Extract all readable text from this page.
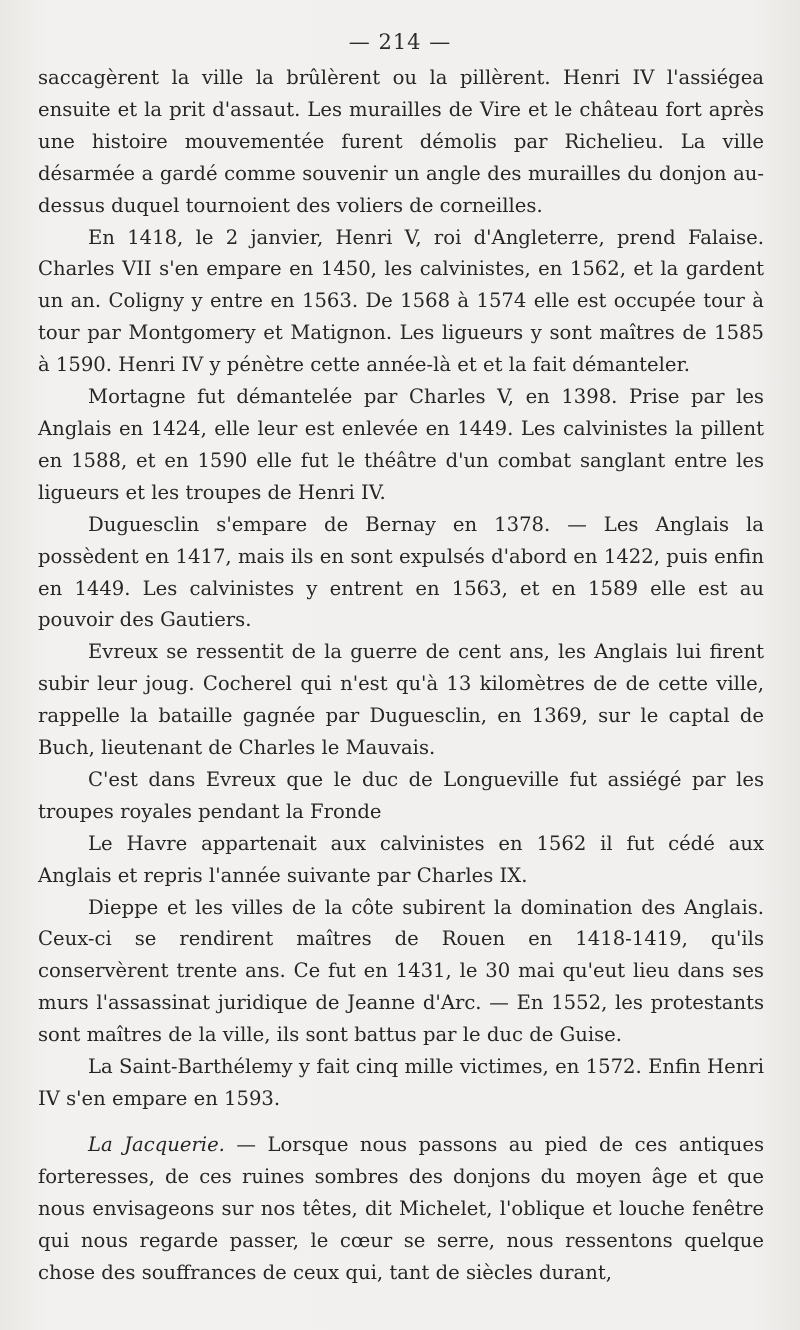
— 214 —

saccagèrent la ville la brûlèrent ou la pillèrent. Henri IV l'assiégea ensuite et la prit d'assaut. Les murailles de Vire et le château fort après une histoire mouvementée furent démolis par Richelieu. La ville désarmée a gardé comme souvenir un angle des murailles du donjon au-dessus duquel tournoient des voliers de corneilles.

En 1418, le 2 janvier, Henri V, roi d'Angleterre, prend Falaise. Charles VII s'en empare en 1450, les calvinistes, en 1562, et la gardent un an. Coligny y entre en 1563. De 1568 à 1574 elle est occupée tour à tour par Montgomery et Matignon. Les ligueurs y sont maîtres de 1585 à 1590. Henri IV y pénètre cette année-là et et la fait démanteler.

Mortagne fut démantelée par Charles V, en 1398. Prise par les Anglais en 1424, elle leur est enlevée en 1449. Les calvinistes la pillent en 1588, et en 1590 elle fut le théâtre d'un combat sanglant entre les ligueurs et les troupes de Henri IV.

Duguesclin s'empare de Bernay en 1378. — Les Anglais la possèdent en 1417, mais ils en sont expulsés d'abord en 1422, puis enfin en 1449. Les calvinistes y entrent en 1563, et en 1589 elle est au pouvoir des Gautiers.

Evreux se ressentit de la guerre de cent ans, les Anglais lui firent subir leur joug. Cocherel qui n'est qu'à 13 kilomètres de de cette ville, rappelle la bataille gagnée par Duguesclin, en 1369, sur le captal de Buch, lieutenant de Charles le Mauvais.

C'est dans Evreux que le duc de Longueville fut assiégé par les troupes royales pendant la Fronde

Le Havre appartenait aux calvinistes en 1562 il fut cédé aux Anglais et repris l'année suivante par Charles IX.

Dieppe et les villes de la côte subirent la domination des Anglais. Ceux-ci se rendirent maîtres de Rouen en 1418-1419, qu'ils conservèrent trente ans. Ce fut en 1431, le 30 mai qu'eut lieu dans ses murs l'assassinat juridique de Jeanne d'Arc. — En 1552, les protestants sont maîtres de la ville, ils sont battus par le duc de Guise.

La Saint-Barthélemy y fait cinq mille victimes, en 1572. Enfin Henri IV s'en empare en 1593.

La Jacquerie. — Lorsque nous passons au pied de ces antiques forteresses, de ces ruines sombres des donjons du moyen âge et que nous envisageons sur nos têtes, dit Michelet, l'oblique et louche fenêtre qui nous regarde passer, le cœur se serre, nous ressentons quelque chose des souffrances de ceux qui, tant de siècles durant,
